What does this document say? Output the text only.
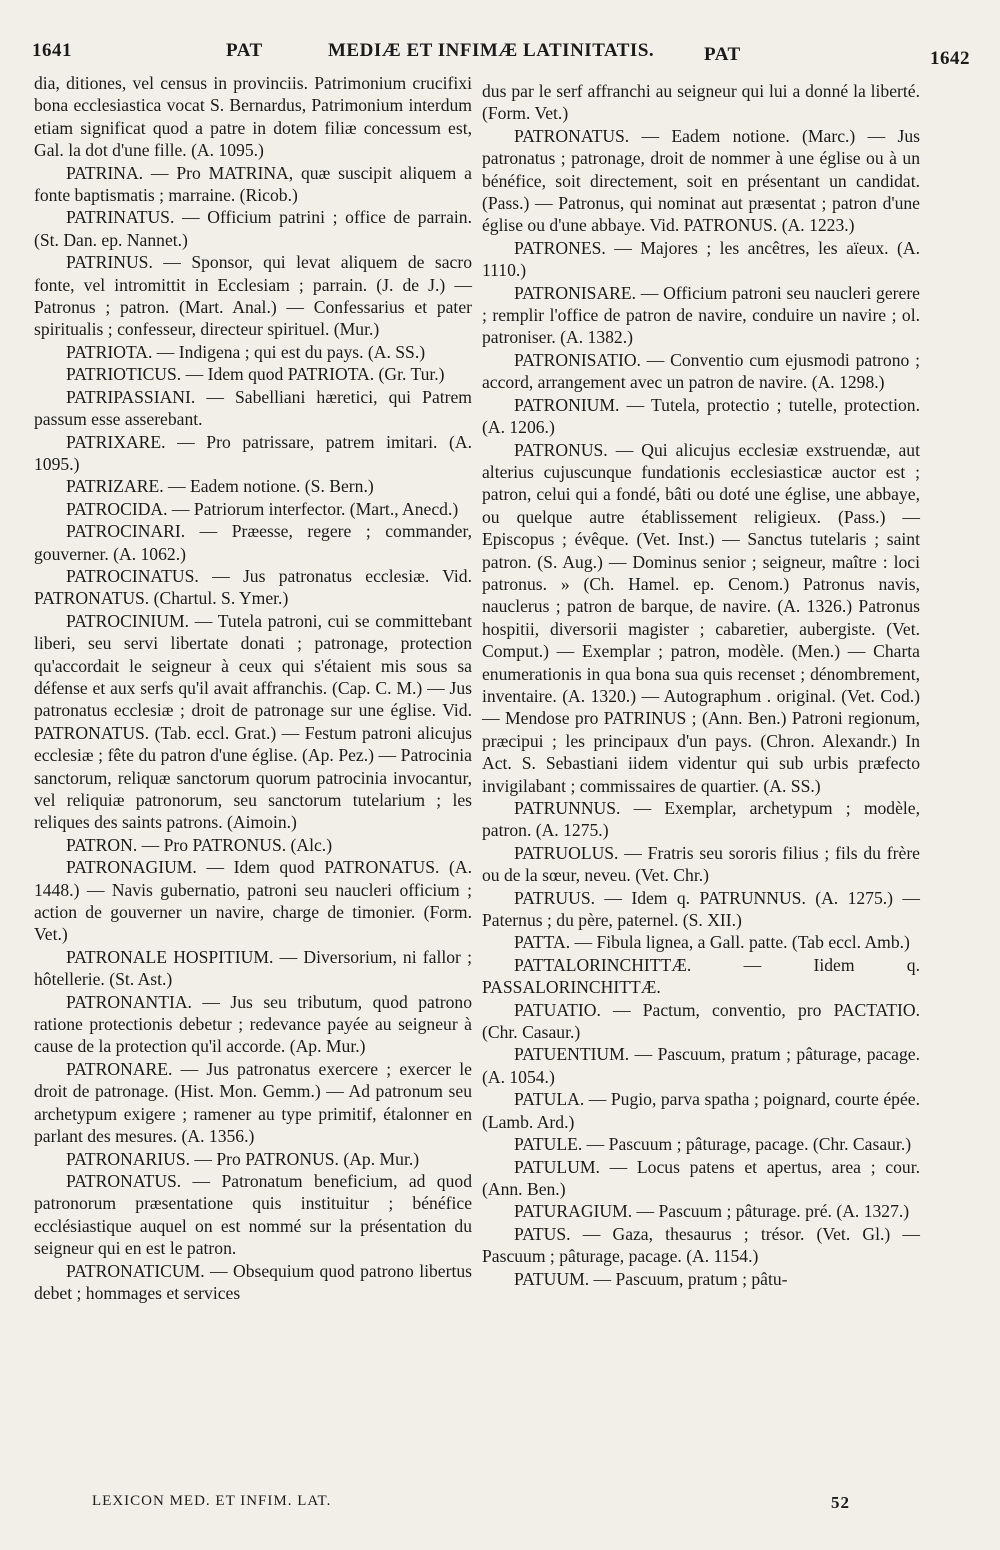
1641	PAT	MEDIÆ ET INFIMÆ LATINITATIS.	PAT	1642

dia, ditiones, vel census in provinciis. Patrimonium crucifixi bona ecclesiastica vocat S. Bernardus, Patrimonium interdum etiam significat quod a patre in dotem filiæ concessum est, Gal. la dot d'une fille. (A. 1095.)

PATRINA. — Pro MATRINA, quæ suscipit aliquem a fonte baptismatis ; marraine. (Ricob.)

PATRINATUS. — Officium patrini ; office de parrain. (St. Dan. ep. Nannet.)

PATRINUS. — Sponsor, qui levat aliquem de sacro fonte, vel intromittit in Ecclesiam ; parrain. (J. de J.) — Patronus ; patron. (Mart. Anal.) — Confessarius et pater spiritualis ; confesseur, directeur spirituel. (Mur.)

PATRIOTA. — Indigena ; qui est du pays. (A. SS.)

PATRIOTICUS. — Idem quod PATRIOTA. (Gr. Tur.)

PATRIPASSIANI. — Sabelliani hæretici, qui Patrem passum esse asserebant.

PATRIXARE. — Pro patrissare, patrem imitari. (A. 1095.)

PATRIZARE. — Eadem notione. (S. Bern.)

PATROCIDA. — Patriorum interfector. (Mart., Anecd.)

PATROCINARI. — Præesse, regere ; commander, gouverner. (A. 1062.)

PATROCINATUS. — Jus patronatus ecclesiæ. Vid. PATRONATUS. (Chartul. S. Ymer.)

PATROCINIUM. — Tutela patroni, cui se committebant liberi, seu servi libertate donati ; patronage, protection qu'accordait le seigneur à ceux qui s'étaient mis sous sa défense et aux serfs qu'il avait affranchis. (Cap. C. M.) — Jus patronatus ecclesiæ ; droit de patronage sur une église. Vid. PATRONATUS. (Tab. eccl. Grat.) — Festum patroni alicujus ecclesiæ ; fête du patron d'une église. (Ap. Pez.) — Patrocinia sanctorum, reliquæ sanctorum quorum patrocinia invocantur, vel reliquiæ patronorum, seu sanctorum tutelarium ; les reliques des saints patrons. (Aimoin.)

PATRON. — Pro PATRONUS. (Alc.)

PATRONAGIUM. — Idem quod PATRONATUS. (A. 1448.) — Navis gubernatio, patroni seu naucleri officium ; action de gouverner un navire, charge de timonier. (Form. Vet.)

PATRONALE HOSPITIUM. — Diversorium, ni fallor ; hôtellerie. (St. Ast.)

PATRONANTIA. — Jus seu tributum, quod patrono ratione protectionis debetur ; redevance payée au seigneur à cause de la protection qu'il accorde. (Ap. Mur.)

PATRONARE. — Jus patronatus exercere ; exercer le droit de patronage. (Hist. Mon. Gemm.) — Ad patronum seu archetypum exigere ; ramener au type primitif, étalonner en parlant des mesures. (A. 1356.)

PATRONARIUS. — Pro PATRONUS. (Ap. Mur.)

PATRONATUS. — Patronatum beneficium, ad quod patronorum præsentatione quis instituitur ; bénéfice ecclésiastique auquel on est nommé sur la présentation du seigneur qui en est le patron.

PATRONATICUM. — Obsequium quod patrono libertus debet ; hommages et services

dus par le serf affranchi au seigneur qui lui a donné la liberté. (Form. Vet.)

PATRONATUS. — Eadem notione. (Marc.) — Jus patronatus ; patronage, droit de nommer à une église ou à un bénéfice, soit directement, soit en présentant un candidat. (Pass.) — Patronus, qui nominat aut præsentat ; patron d'une église ou d'une abbaye. Vid. PATRONUS. (A. 1223.)

PATRONES. — Majores ; les ancêtres, les aïeux. (A. 1110.)

PATRONISARE. — Officium patroni seu naucleri gerere ; remplir l'office de patron de navire, conduire un navire ; ol. patroniser. (A. 1382.)

PATRONISATIO. — Conventio cum ejusmodi patrono ; accord, arrangement avec un patron de navire. (A. 1298.)

PATRONIUM. — Tutela, protectio ; tutelle, protection. (A. 1206.)

PATRONUS. — Qui alicujus ecclesiæ exstruendæ, aut alterius cujuscunque fundationis ecclesiasticæ auctor est ; patron, celui qui a fondé, bâti ou doté une église, une abbaye, ou quelque autre établissement religieux. (Pass.) — Episcopus ; évêque. (Vet. Inst.) — Sanctus tutelaris ; saint patron. (S. Aug.) — Dominus senior ; seigneur, maître : loci patronus. » (Ch. Hamel. ep. Cenom.) Patronus navis, nauclerus ; patron de barque, de navire. (A. 1326.) Patronus hospitii, diversorii magister ; cabaretier, aubergiste. (Vet. Comput.) — Exemplar ; patron, modèle. (Men.) — Charta enumerationis in qua bona sua quis recenset ; dénombrement, inventaire. (A. 1320.) — Autographum . original. (Vet. Cod.) — Mendose pro PATRINUS ; (Ann. Ben.) Patroni regionum, præcipui ; les principaux d'un pays. (Chron. Alexandr.) In Act. S. Sebastiani iidem videntur qui sub urbis præfecto invigilabant ; commissaires de quartier. (A. SS.)

PATRUNNUS. — Exemplar, archetypum ; modèle, patron. (A. 1275.)

PATRUOLUS. — Fratris seu sororis filius ; fils du frère ou de la sœur, neveu. (Vet. Chr.)

PATRUUS. — Idem q. PATRUNNUS. (A. 1275.) — Paternus ; du père, paternel. (S. XII.)

PATTA. — Fibula lignea, a Gall. patte. (Tab eccl. Amb.)

PATTALORINCHITTÆ. — Iidem q. PASSALORINCHITTÆ.

PATUATIO. — Pactum, conventio, pro PACTATIO. (Chr. Casaur.)

PATUENTIUM. — Pascuum, pratum ; pâturage, pacage. (A. 1054.)

PATULA. — Pugio, parva spatha ; poignard, courte épée. (Lamb. Ard.)

PATULE. — Pascuum ; pâturage, pacage. (Chr. Casaur.)

PATULUM. — Locus patens et apertus, area ; cour. (Ann. Ben.)

PATURAGIUM. — Pascuum ; pâturage. pré. (A. 1327.)

PATUS. — Gaza, thesaurus ; trésor. (Vet. Gl.) — Pascuum ; pâturage, pacage. (A. 1154.)

PATUUM. — Pascuum, pratum ; pâtu-

LEXICON MED. ET INFIM. LAT.	52
